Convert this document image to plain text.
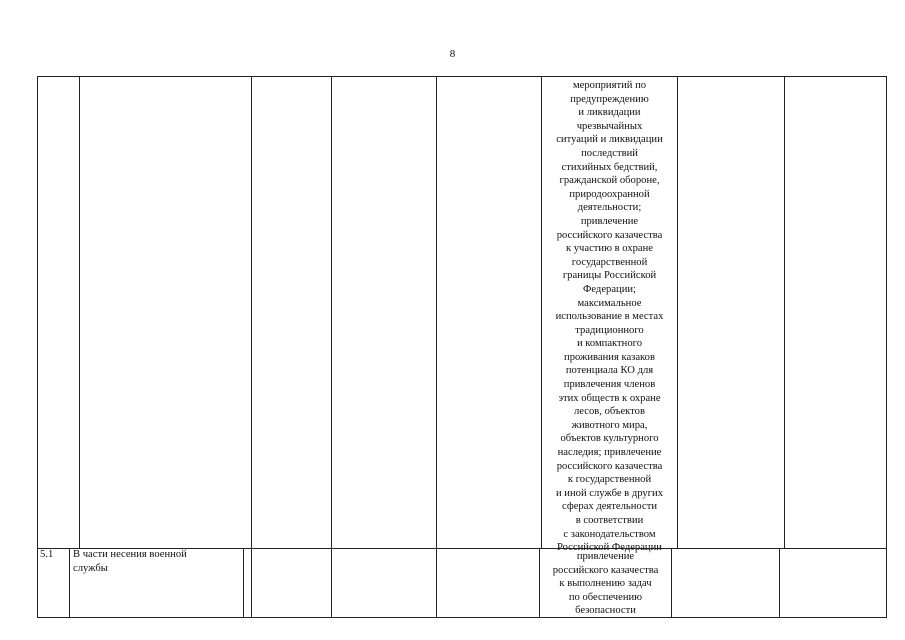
8
мероприятий по
предупреждению
и ликвидации
чрезвычайных
ситуаций и ликвидации
последствий
стихийных бедствий,
гражданской обороне,
природоохранной
деятельности;
привлечение
российского казачества
к участию в охране
государственной
границы Российской
Федерации;
максимальное
использование в местах
традиционного
и компактного
проживания казаков
потенциала КО для
привлечения членов
этих обществ к охране
лесов, объектов
животного мира,
объектов культурного
наследия; привлечение
российского казачества
к государственной
и иной службе в других
сферах деятельности
в соответствии
с законодательством
Российской Федерации
5.1	В части несения военной
службы
привлечение
российского казачества
к выполнению задач
по обеспечению
безопасности
